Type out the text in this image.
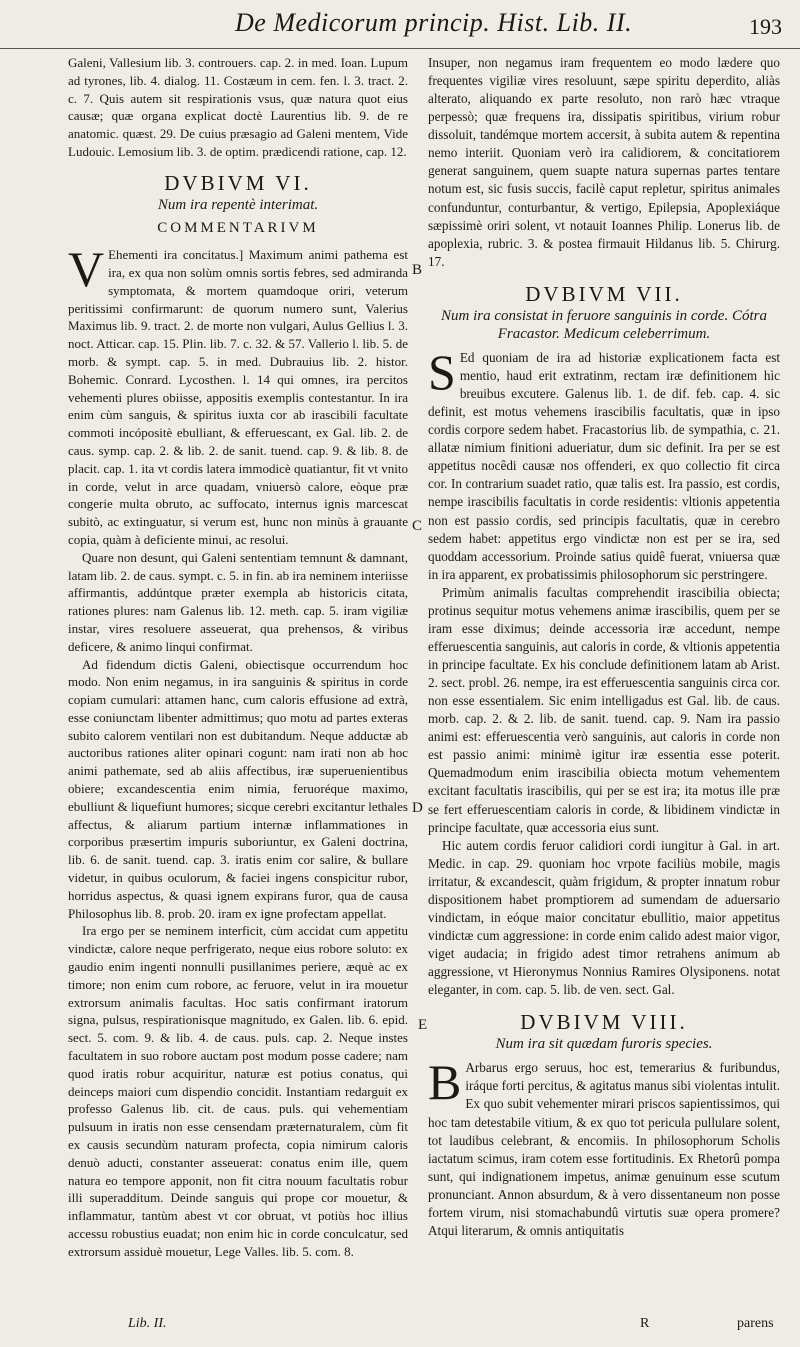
De Medicorum princip. Hist. Lib. II.	193

Galeni, Vallesium lib. 3. controuers. cap. 2. in med. Ioan. Lupum ad tyrones, lib. 4. dialog. 11. Costæum in cem. fen. l. 3. tract. 2. c. 7. Quis autem sit respirationis vsus, quæ natura quot eius causæ; quæ organa explicat doctè Laurentius lib. 9. de re anatomic. quæst. 29. De cuius præsagio ad Galeni mentem, Vide Ludouic. Lemosium lib. 3. de optim. prædicendi ratione, cap. 12.

DVBIVM VI.
Num ira repentè interimat.
COMMENTARIVM

V Ehementi ira concitatus.] Maximum animi pathema est ira, ex qua non solùm omnis sortis febres, sed admiranda symptomata, & mortem quamdoque oriri, veterum peritissimi confirmarunt: de quorum numero sunt, Valerius Maximus lib. 9. tract. 2. de morte non vulgari, Aulus Gellius l. 3. noct. Atticar. cap. 15. Plin. lib. 7. c. 32. & 57. Vallerio l. lib. 5. de morb. & sympt. cap. 5. in med. Dubrauius lib. 2. histor. Bohemic. Conrard. Lycosthen. l. 14 qui omnes, ira percitos vehementi plures obiisse, appositis exemplis contestantur. In ira enim cùm sanguis, & spiritus iuxta cor ab irascibili facultate commoti incópositè ebulliant, & efferuescant, ex Gal. lib. 2. de caus. symp. cap. 2. & lib. 2. de sanit. tuend. cap. 9. & lib. 8. de placit. cap. 1. ita vt cordis latera immodicè quatiantur, fit vt vnito in corde, velut in arce quadam, vniuersò calore, eòque præ congerie multa obruto, ac suffocato, internus ignis marcescat subitò, ac extinguatur, si verum est, hunc non minùs à grauante copia, quàm à deficiente minui, ac resolui.

Quare non desunt, qui Galeni sententiam temnunt & damnant, latam lib. 2. de caus. sympt. c. 5. in fin. ab ira neminem interiisse affirmantis, addúntque præter exempla ab historicis citata, rationes plures: nam Galenus lib. 12. meth. cap. 5. iram vigiliæ instar, vires resoluere asseuerat, qua prehensos, & viribus deficere, & animo linqui confirmat.

Ad fidendum dictis Galeni, obiectisque occurrendum hoc modo. Non enim negamus, in ira sanguinis & spiritus in corde copiam cumulari: attamen hanc, cum caloris effusione ad extrà, esse coniunctam libenter admittimus; quo motu ad partes exteras subito calorem ventilari non est dubitandum. Neque adductæ ab auctoribus rationes aliter opinari cogunt: nam irati non ab hoc animi pathemate, sed ab aliis affectibus, iræ superuenientibus obiere; excandescentia enim nimia, feruoréque maximo, ebulliunt & liquefiunt humores; sicque cerebri excitantur lethales affectus, & aliarum partium internæ inflammationes in corporibus præsertim impuris suboriuntur, ex Galeni doctrina, lib. 6. de sanit. tuend. cap. 3. iratis enim cor salire, & bullare videtur, in quibus oculorum, & faciei ingens conspicitur rubor, horridus aspectus, & quasi ignem expirans furor, qua de causa Philosophus lib. 8. prob. 20. iram ex igne profectam appellat.

Ira ergo per se neminem interficit, cùm accidat cum appetitu vindictæ, calore neque perfrigerato, neque eius robore soluto: ex gaudio enim ingenti nonnulli pusillanimes periere, æquè ac ex timore; non enim cum robore, ac feruore, velut in ira mouetur extrorsum animalis facultas. Hoc satis confirmant iratorum signa, pulsus, respirationisque magnitudo, ex Galen. lib. 6. epid. sect. 5. com. 9. & lib. 4. de caus. puls. cap. 2. Neque instes facultatem in suo robore auctam post modum posse cadere; nam quod iratis robur acquiritur, naturæ est potius conatus, qui deinceps maiori cum dispendio concidit. Instantiam redarguit ex professo Galenus lib. cit. de caus. puls. qui vehementiam pulsuum in iratis non esse censendam præternaturalem, cùm fit ex causis secundùm naturam profecta, copia nimirum caloris denuò aducti, constanter asseuerat: conatus enim ille, quem natura eo tempore apponit, non fit citra nouum facultatis robur illi superadditum. Deinde sanguis qui prope cor mouetur, & inflammatur, tantùm abest vt cor obruat, vt potiùs hoc illius accessu robustius euadat; non enim hic in corde conculcatur, sed extrorsum assiduè mouetur, Lege Valles. lib. 5. com. 8.

Insuper, non negamus iram frequentem eo modo lædere quo frequentes vigiliæ vires resoluunt, sæpe spiritu deperdito, aliàs alterato, aliquando ex parte resoluto, non rarò hæc vtraque perpessò; quæ frequens ira, dissipatis spiritibus, virium robur dissoluit, tandémque mortem accersit, à subita autem & repentina nemo interiit. Quoniam verò ira calidiorem, & concitatiorem generat sanguinem, quem suapte natura supernas partes tentare notum est, sic fusis succis, facilè caput repletur, spiritus animales confunduntur, conturbantur, & vertigo, Epilepsia, Apoplexiáque sæpissimè oriri solent, vt notauit Ioannes Philip. Lonerus lib. de apoplexia, rubric. 3. & postea firmauit Hildanus lib. 5. Chirurg. 17.

DVBIVM VII.
Num ira consistat in feruore sanguinis in corde. Cótra Fracastor. Medicum celeberrimum.

S Ed quoniam de ira ad historiæ explicationem facta est mentio, haud erit extratinm, rectam iræ definitionem hìc breuibus excutere. Galenus lib. 1. de dif. feb. cap. 4. sic definit, est motus vehemens irascibilis facultatis, quæ in ipso cordis corpore sedem habet. Fracastorius lib. de sympathia, c. 21. allatæ nimium finitioni adueriatur, dum sic definit. Ira per se est appetitus nocêdi causæ nos offenderi, ex quo collectio fit circa cor. In contrarium suadet ratio, quæ talis est. Ira passio, est cordis, nempe irascibilis facultatis in corde residentis: vltionis appetentia non est passio cordis, sed principis facultatis, quæ in cerebro sedem habet: appetitus ergo vindictæ non est per se ira, sed quoddam accessorium. Proinde satius quidê fuerat, vniuersa quæ in ira apparent, ex probatissimis philosophorum sic perstringere.

Primùm animalis facultas comprehendit irascibilia obiecta; protinus sequitur motus vehemens animæ irascibilis, quem per se iram esse diximus; deinde accessoria iræ accedunt, nempe efferuescentia sanguinis, aut caloris in corde, & vltionis appetentia in principe facultate. Ex his conclude definitionem latam ab Arist. 2. sect. probl. 26. nempe, ira est efferuescentia sanguinis circa cor. non esse essentialem. Sic enim intelligadus est Gal. lib. de caus. morb. cap. 2. & 2. lib. de sanit. tuend. cap. 9. Nam ira passio animi est: efferuescentia verò sanguinis, aut caloris in corde non est passio animi: minimè igitur iræ essentia esse poterit. Quemadmodum enim irascibilia obiecta motum vehementem excitant facultatis irascibilis, qui per se est ira; ita motus ille præ se fert efferuescentiam caloris in corde, & libidinem vindictæ in principe facultate, quæ accessoria eius sunt.

Hic autem cordis feruor calidiori cordi iungitur à Gal. in art. Medic. in cap. 29. quoniam hoc vrpote faciliùs mobile, magis irritatur, & excandescit, quàm frigidum, & propter innatum robur dispositionem habet promptiorem ad sumendam de aduersario vindictam, in eóque maior concitatur ebullitio, maior appetitus vindictæ cum aggressione: in corde enim calido adest maior vigor, viget audacia; in frigido adest timor retrahens animum ab aggressione, vt Hieronymus Nonnius Ramires Olysiponens. notat eleganter, in com. cap. 5. lib. de ven. sect. Gal.

DVBIVM VIII.
Num ira sit quædam furoris species.

B Arbarus ergo seruus, hoc est, temerarius & furibundus, iráque forti percitus, & agitatus manus sibi violentas intulit. Ex quo subit vehementer mirari priscos sapientissimos, qui hoc tam detestabile vitium, & ex quo tot pericula pullulare solent, tot laudibus celebrant, & encomiis. In philosophorum Scholis iactatum scimus, iram cotem esse fortitudinis. Ex Rhetorû pompa sunt, qui indignationem impetus, animæ genuinum esse scutum pronunciant. Annon absurdum, & à vero dissentaneum non posse fortem virum, nisi stomachabundû virtutis suæ opera promere? Atqui literarum, & omnis antiquitatis

B
C
D
E
Lib. II.	R	parens
